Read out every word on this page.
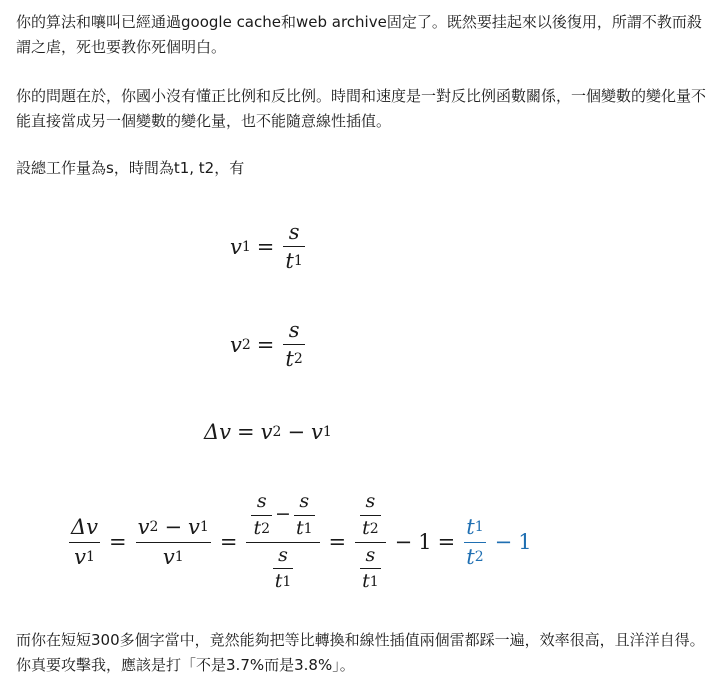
你的算法和嚷叫已經通過google cache和web archive固定了。既然要挂起來以後復用，所謂不教而殺謂之虐，死也要教你死個明白。

你的問題在於，你國小沒有懂正比例和反比例。時間和速度是一對反比例函數關係，一個變數的變化量不能直接當成另一個變數的變化量，也不能隨意線性插值。

設總工作量為s，時間為t1, t2，有

v $1 = \frac{s}{t 1}$
v $2 = \frac{s}{t 2}$
Δv = v 2 − v 1
$\frac{\Delta v}{v 1} = \frac{v 2 - v 1}{v 1}$ =
$\frac{s}{t 2} - \frac{s}{t 1}$
$\frac{s}{t 1}$
= $\frac{\frac{s}{t 2}}{\frac{s}{t 1}} - 1 = \frac{t 1}{t 2} - 1$

而你在短短300多個字當中，竟然能夠把等比轉換和線性插值兩個雷都踩一遍，效率很高，且洋洋自得。你真要攻擊我，應該是打「不是3.7%而是3.8%」。
